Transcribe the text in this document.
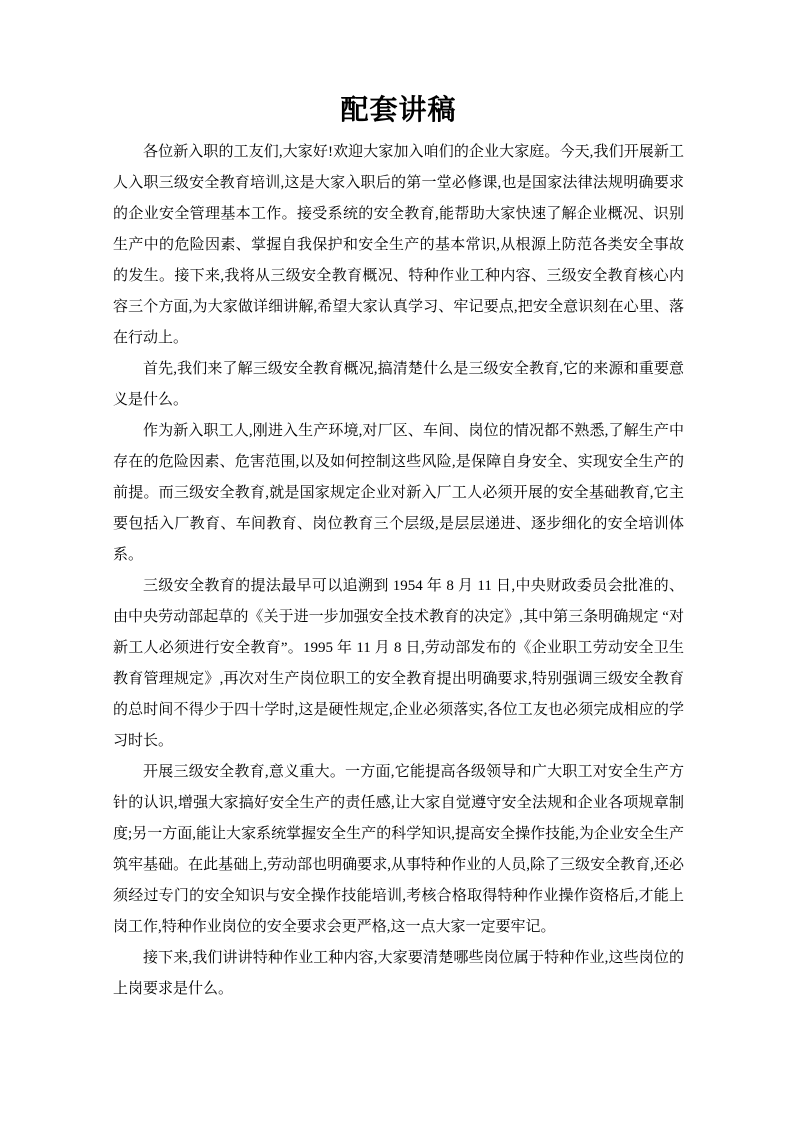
配套讲稿

各位新入职的工友们,大家好!欢迎大家加入咱们的企业大家庭。今天,我们开展新工人入职三级安全教育培训,这是大家入职后的第一堂必修课,也是国家法律法规明确要求的企业安全管理基本工作。接受系统的安全教育,能帮助大家快速了解企业概况、识别生产中的危险因素、掌握自我保护和安全生产的基本常识,从根源上防范各类安全事故的发生。接下来,我将从三级安全教育概况、特种作业工种内容、三级安全教育核心内容三个方面,为大家做详细讲解,希望大家认真学习、牢记要点,把安全意识刻在心里、落在行动上。

首先,我们来了解三级安全教育概况,搞清楚什么是三级安全教育,它的来源和重要意义是什么。

作为新入职工人,刚进入生产环境,对厂区、车间、岗位的情况都不熟悉,了解生产中存在的危险因素、危害范围,以及如何控制这些风险,是保障自身安全、实现安全生产的前提。而三级安全教育,就是国家规定企业对新入厂工人必须开展的安全基础教育,它主要包括入厂教育、车间教育、岗位教育三个层级,是层层递进、逐步细化的安全培训体系。

三级安全教育的提法最早可以追溯到 1954 年 8 月 11 日,中央财政委员会批准的、由中央劳动部起草的《关于进一步加强安全技术教育的决定》,其中第三条明确规定 “对新工人必须进行安全教育”。1995 年 11 月 8 日,劳动部发布的《企业职工劳动安全卫生教育管理规定》,再次对生产岗位职工的安全教育提出明确要求,特别强调三级安全教育的总时间不得少于四十学时,这是硬性规定,企业必须落实,各位工友也必须完成相应的学习时长。

开展三级安全教育,意义重大。一方面,它能提高各级领导和广大职工对安全生产方针的认识,增强大家搞好安全生产的责任感,让大家自觉遵守安全法规和企业各项规章制度;另一方面,能让大家系统掌握安全生产的科学知识,提高安全操作技能,为企业安全生产筑牢基础。在此基础上,劳动部也明确要求,从事特种作业的人员,除了三级安全教育,还必须经过专门的安全知识与安全操作技能培训,考核合格取得特种作业操作资格后,才能上岗工作,特种作业岗位的安全要求会更严格,这一点大家一定要牢记。

接下来,我们讲讲特种作业工种内容,大家要清楚哪些岗位属于特种作业,这些岗位的上岗要求是什么。
